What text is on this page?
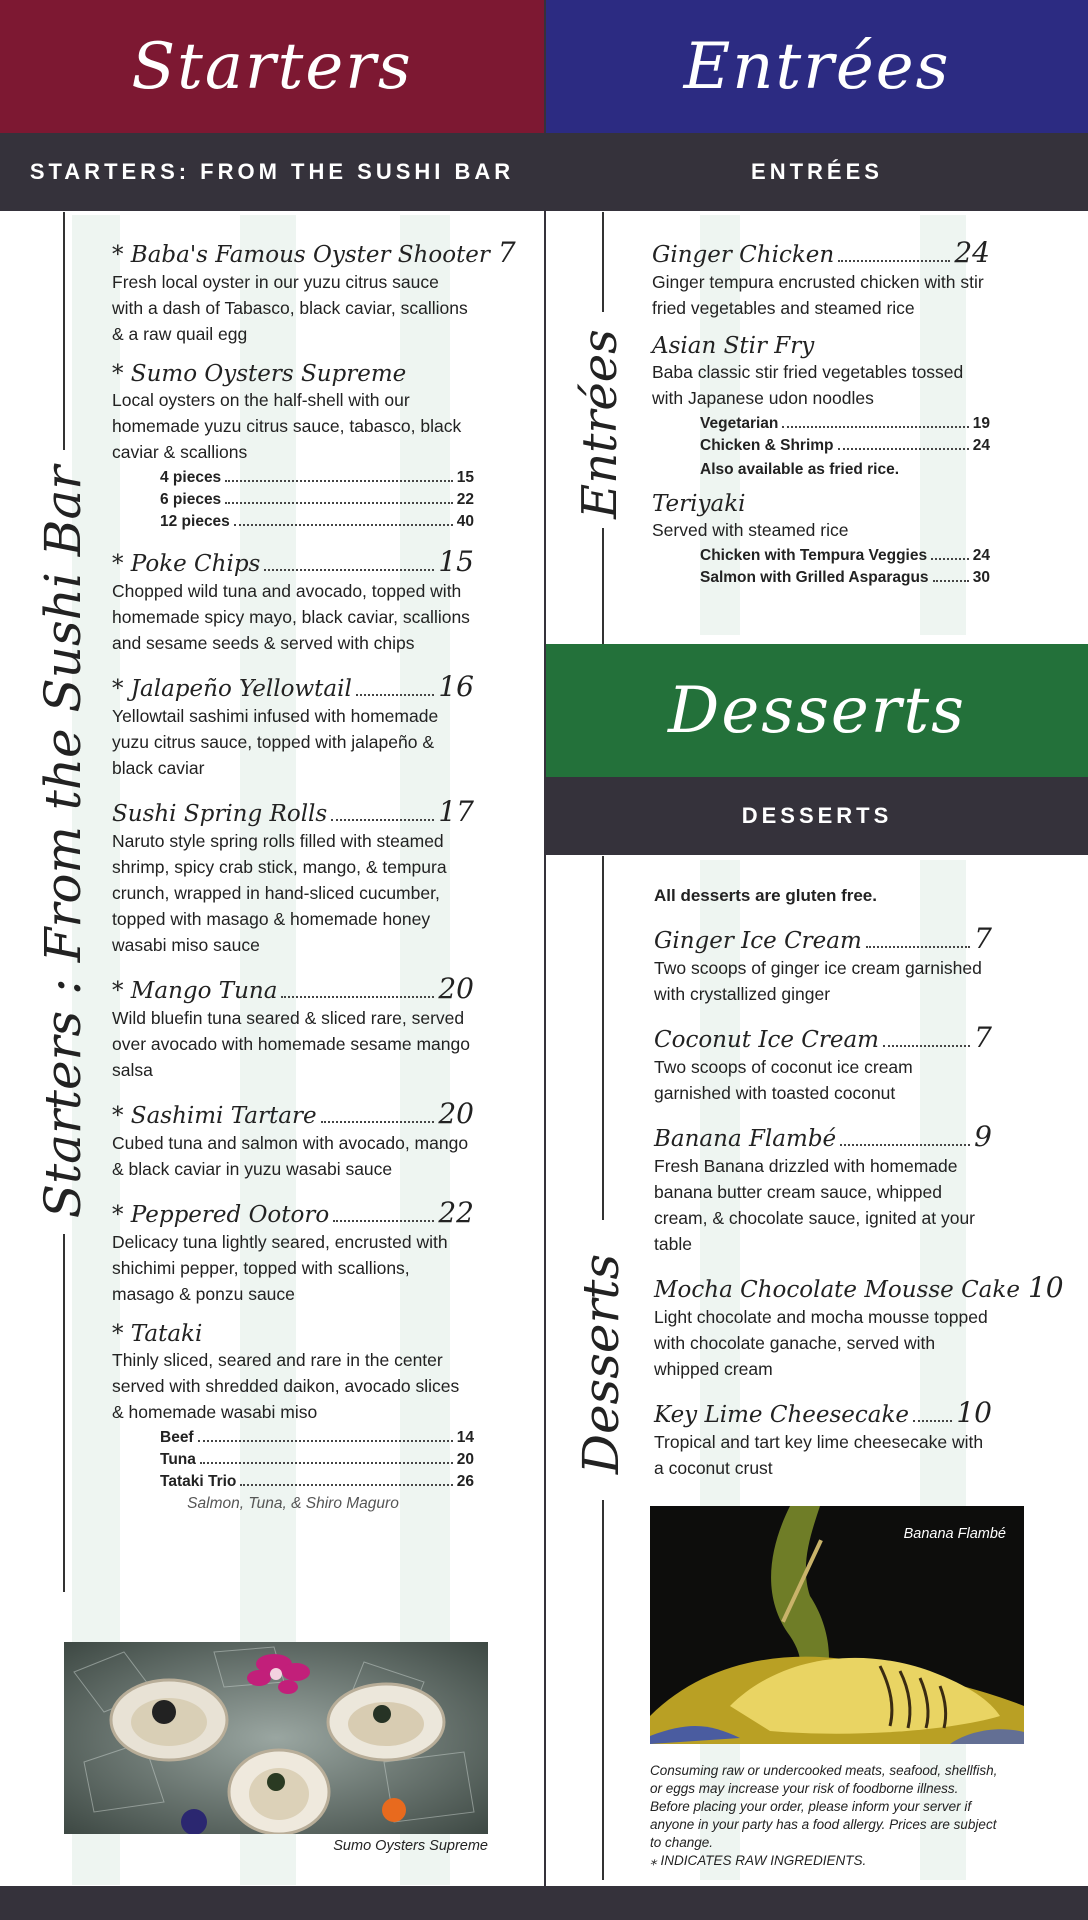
Starters
STARTERS: FROM THE SUSHI BAR
Starters : From the Sushi Bar
* Baba's Famous Oyster Shooter 7
Fresh local oyster in our yuzu citrus sauce with a dash of Tabasco, black caviar, scallions & a raw quail egg
* Sumo Oysters Supreme
Local oysters on the half-shell with our homemade yuzu citrus sauce, tabasco, black caviar & scallions
4 pieces	15
6 pieces	22
12 pieces	40
* Poke Chips	15
Chopped wild tuna and avocado, topped with homemade spicy mayo, black caviar, scallions and sesame seeds & served with chips
* Jalapeño Yellowtail	16
Yellowtail sashimi infused with homemade yuzu citrus sauce, topped with jalapeño & black caviar
Sushi Spring Rolls	17
Naruto style spring rolls filled with steamed shrimp, spicy crab stick, mango, & tempura crunch, wrapped in hand-sliced cucumber, topped with masago & homemade honey wasabi miso sauce
* Mango Tuna	20
Wild bluefin tuna seared & sliced rare, served over avocado with homemade sesame mango salsa
* Sashimi Tartare	20
Cubed tuna and salmon with avocado, mango & black caviar in yuzu wasabi sauce
* Peppered Ootoro	22
Delicacy tuna lightly seared, encrusted with shichimi pepper, topped with scallions, masago & ponzu sauce
* Tataki
Thinly sliced, seared and rare in the center served with shredded daikon, avocado slices & homemade wasabi miso
Beef	14
Tuna	20
Tataki Trio	26
Salmon, Tuna, & Shiro Maguro
Sumo Oysters Supreme
Entrées
ENTRÉES
Entrées
Ginger Chicken	24
Ginger tempura encrusted chicken with stir fried vegetables and steamed rice
Asian Stir Fry
Baba classic stir fried vegetables tossed with Japanese udon noodles
Vegetarian	19
Chicken & Shrimp	24
Also available as fried rice.
Teriyaki
Served with steamed rice
Chicken with Tempura Veggies	24
Salmon with Grilled Asparagus	30
Desserts
DESSERTS
Desserts
All desserts are gluten free.
Ginger Ice Cream	7
Two scoops of ginger ice cream garnished with crystallized ginger
Coconut Ice Cream	7
Two scoops of coconut ice cream garnished with toasted coconut
Banana Flambé	9
Fresh Banana drizzled with homemade banana butter cream sauce, whipped cream, & chocolate sauce, ignited at your table
Mocha Chocolate Mousse Cake 10
Light chocolate and mocha mousse topped with chocolate ganache, served with whipped cream
Key Lime Cheesecake 10
Tropical and tart key lime cheesecake with a coconut crust
Banana Flambé
Consuming raw or undercooked meats, seafood, shellfish, or eggs may increase your risk of foodborne illness. Before placing your order, please inform your server if anyone in your party has a food allergy. Prices are subject to change.
⁎ INDICATES RAW INGREDIENTS.
